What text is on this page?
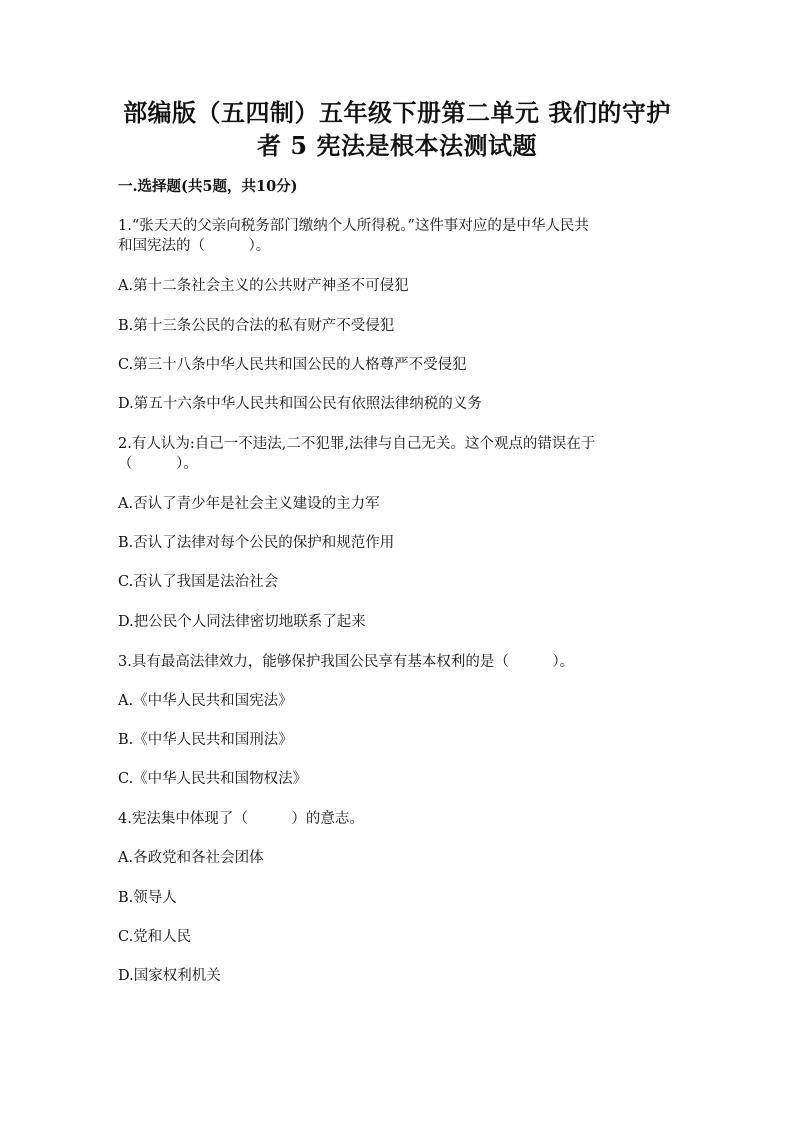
部编版（五四制）五年级下册第二单元 我们的守护
者 5 宪法是根本法测试题
一.选择题(共5题，共10分)
1.“张天天的父亲向税务部门缴纳个人所得税。”这件事对应的是中华人民共
和国宪法的（　　　）。
A.第十二条社会主义的公共财产神圣不可侵犯
B.第十三条公民的合法的私有财产不受侵犯
C.第三十八条中华人民共和国公民的人格尊严不受侵犯
D.第五十六条中华人民共和国公民有依照法律纳税的义务
2.有人认为:自己一不违法,二不犯罪,法律与自己无关。这个观点的错误在于
（　　　）。
A.否认了青少年是社会主义建设的主力军
B.否认了法律对每个公民的保护和规范作用
C.否认了我国是法治社会
D.把公民个人同法律密切地联系了起来
3.具有最高法律效力，能够保护我国公民享有基本权利的是（　　　）。
A.《中华人民共和国宪法》
B.《中华人民共和国刑法》
C.《中华人民共和国物权法》
4.宪法集中体现了（　　　）的意志。
A.各政党和各社会团体
B.领导人
C.党和人民
D.国家权利机关
